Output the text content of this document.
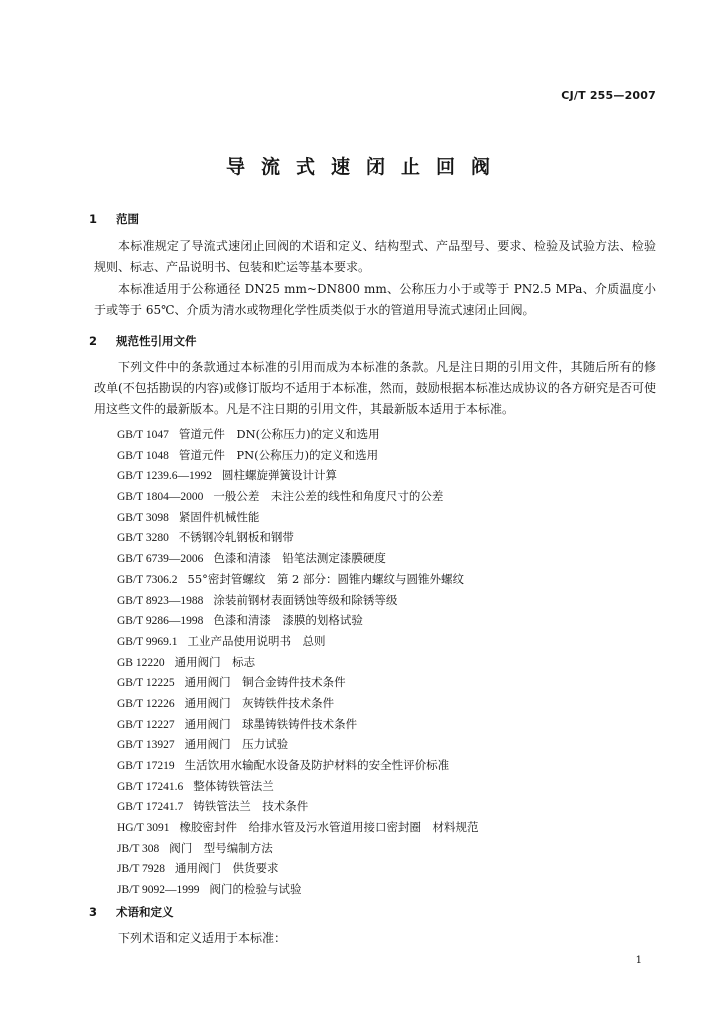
CJ/T 255—2007
导流式速闭止回阀
1 范围

本标准规定了导流式速闭止回阀的术语和定义、结构型式、产品型号、要求、检验及试验方法、检验规则、标志、产品说明书、包装和贮运等基本要求。

本标准适用于公称通径 DN25 mm~DN800 mm、公称压力小于或等于 PN2.5 MPa、介质温度小于或等于 65℃、介质为清水或物理化学性质类似于水的管道用导流式速闭止回阀。

2 规范性引用文件

下列文件中的条款通过本标准的引用而成为本标准的条款。凡是注日期的引用文件，其随后所有的修改单(不包括勘误的内容)或修订版均不适用于本标准，然而，鼓励根据本标准达成协议的各方研究是否可使用这些文件的最新版本。凡是不注日期的引用文件，其最新版本适用于本标准。

GB/T 1047 管道元件　DN(公称压力)的定义和选用
GB/T 1048 管道元件　PN(公称压力)的定义和选用
GB/T 1239.6—1992 圆柱螺旋弹簧设计计算
GB/T 1804—2000 一般公差　未注公差的线性和角度尺寸的公差
GB/T 3098 紧固件机械性能
GB/T 3280 不锈钢冷轧钢板和钢带
GB/T 6739—2006 色漆和清漆　铅笔法测定漆膜硬度
GB/T 7306.2 55°密封管螺纹　第 2 部分：圆锥内螺纹与圆锥外螺纹
GB/T 8923—1988 涂装前钢材表面锈蚀等级和除锈等级
GB/T 9286—1998 色漆和清漆　漆膜的划格试验
GB/T 9969.1 工业产品使用说明书　总则
GB 12220 通用阀门　标志
GB/T 12225 通用阀门　铜合金铸件技术条件
GB/T 12226 通用阀门　灰铸铁件技术条件
GB/T 12227 通用阀门　球墨铸铁铸件技术条件
GB/T 13927 通用阀门　压力试验
GB/T 17219 生活饮用水输配水设备及防护材料的安全性评价标准
GB/T 17241.6 整体铸铁管法兰
GB/T 17241.7 铸铁管法兰　技术条件
HG/T 3091 橡胶密封件　给排水管及污水管道用接口密封圈　材料规范
JB/T 308 阀门　型号编制方法
JB/T 7928 通用阀门　供货要求
JB/T 9092—1999 阀门的检验与试验
3 术语和定义

下列术语和定义适用于本标准：

1
